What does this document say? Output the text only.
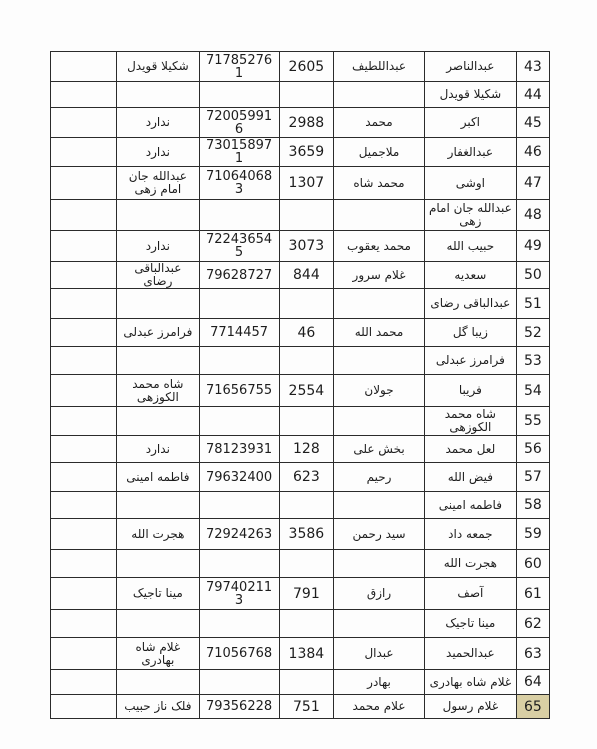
	شکیلا قویدل	71785276 1	2605	عبداللطیف	عبدالناصر	43
					شکیلا قویدل	44
	ندارد	72005991 6	2988	محمد	اکبر	45
	ندارد	73015897 1	3659	ملاجمیل	عبدالغفار	46
	عبدالله جان امام زهی	71064068 3	1307	محمد شاه	اوشی	47
					عبدالله جان امام زهی	48
	ندارد	72243654 5	3073	محمد یعقوب	حبیب الله	49
	عبدالباقی رضای	79628727	844	غلام سرور	سعدیه	50
					عبدالباقی رضای	51
	فرامرز عبدلی	7714457	46	محمد الله	زیبا گل	52
					فرامرز عبدلی	53
	شاه محمد الکوزهی	71656755	2554	جولان	فریبا	54
					شاه محمد الکوزهی	55
	ندارد	78123931	128	بخش علی	لعل محمد	56
	فاطمه امینی	79632400	623	رحیم	فیض الله	57
					فاطمه امینی	58
	هجرت الله	72924263	3586	سید رحمن	جمعه داد	59
					هجرت الله	60
	مینا تاجیک	79740211 3	791	رازق	آصف	61
					مینا تاجیک	62
	غلام شاه بهادری	71056768	1384	عبدال	عبدالحمید	63
				بهادر	غلام شاه بهادری	64
	فلک ناز حبیب	79356228	751	علام محمد	غلام رسول	65
